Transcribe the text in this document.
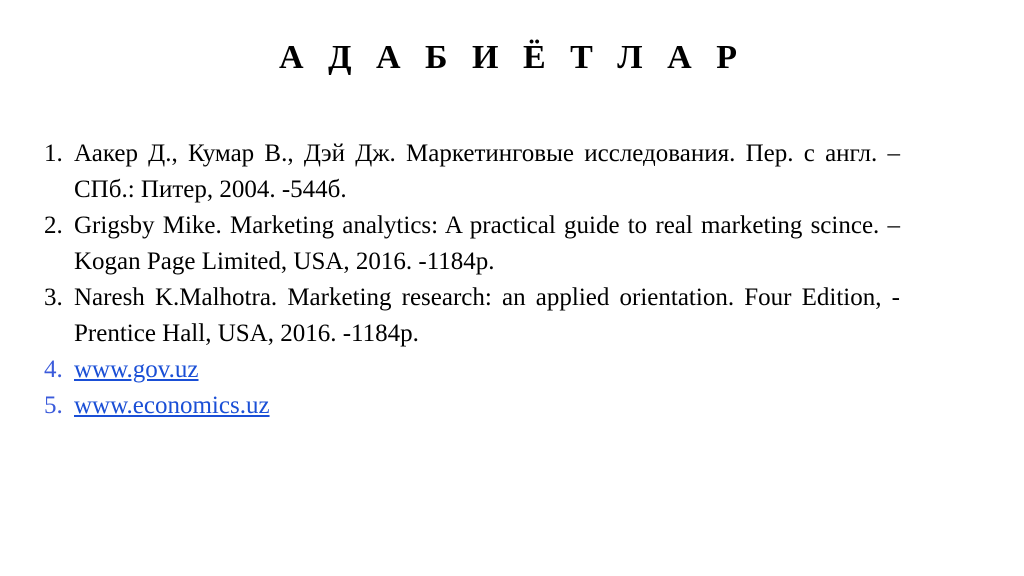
А Д А Б И Ё Т Л А Р
1. Аакер Д., Кумар В., Дэй Дж. Маркетинговые исследования. Пер. с англ. –СПб.: Питер, 2004. -544б.
2. Grigsby Mike. Marketing analytics: A practical guide to real marketing scince. –Kogan Page Limited, USA, 2016. -1184p.
3. Naresh K.Malhotra. Marketing research: an applied orientation. Four Edition, -Prentice Hall, USA, 2016. -1184p.
4. www.gov.uz
5. www.economics.uz
